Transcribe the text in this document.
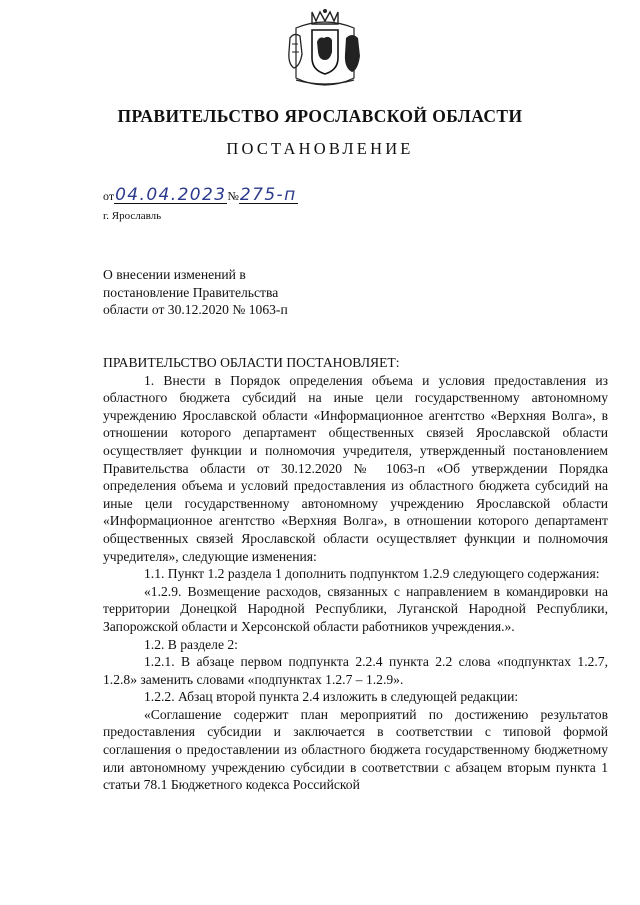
ПРАВИТЕЛЬСТВО ЯРОСЛАВСКОЙ ОБЛАСТИ
ПОСТАНОВЛЕНИЕ
от04.04.2023№275-п
г. Ярославль
О внесении изменений в
постановление Правительства
области от 30.12.2020 № 1063-п

ПРАВИТЕЛЬСТВО ОБЛАСТИ ПОСТАНОВЛЯЕТ:

1. Внести в Порядок определения объема и условия предоставления из областного бюджета субсидий на иные цели государственному автономному учреждению Ярославской области «Информационное агентство «Верхняя Волга», в отношении которого департамент общественных связей Ярославской области осуществляет функции и полномочия учредителя, утвержденный постановлением Правительства области от 30.12.2020 № 1063-п «Об утверждении Порядка определения объема и условий предоставления из областного бюджета субсидий на иные цели государственному автономному учреждению Ярославской области «Информационное агентство «Верхняя Волга», в отношении которого департамент общественных связей Ярославской области осуществляет функции и полномочия учредителя», следующие изменения:

1.1. Пункт 1.2 раздела 1 дополнить подпунктом 1.2.9 следующего содержания:

«1.2.9. Возмещение расходов, связанных с направлением в командировки на территории Донецкой Народной Республики, Луганской Народной Республики, Запорожской области и Херсонской области работников учреждения.».

1.2. В разделе 2:

1.2.1. В абзаце первом подпункта 2.2.4 пункта 2.2 слова «подпунктах 1.2.7, 1.2.8» заменить словами «подпунктах 1.2.7 – 1.2.9».

1.2.2. Абзац второй пункта 2.4 изложить в следующей редакции:

«Соглашение содержит план мероприятий по достижению результатов предоставления субсидии и заключается в соответствии с типовой формой соглашения о предоставлении из областного бюджета государственному бюджетному или автономному учреждению субсидии в соответствии с абзацем вторым пункта 1 статьи 78.1 Бюджетного кодекса Российской
